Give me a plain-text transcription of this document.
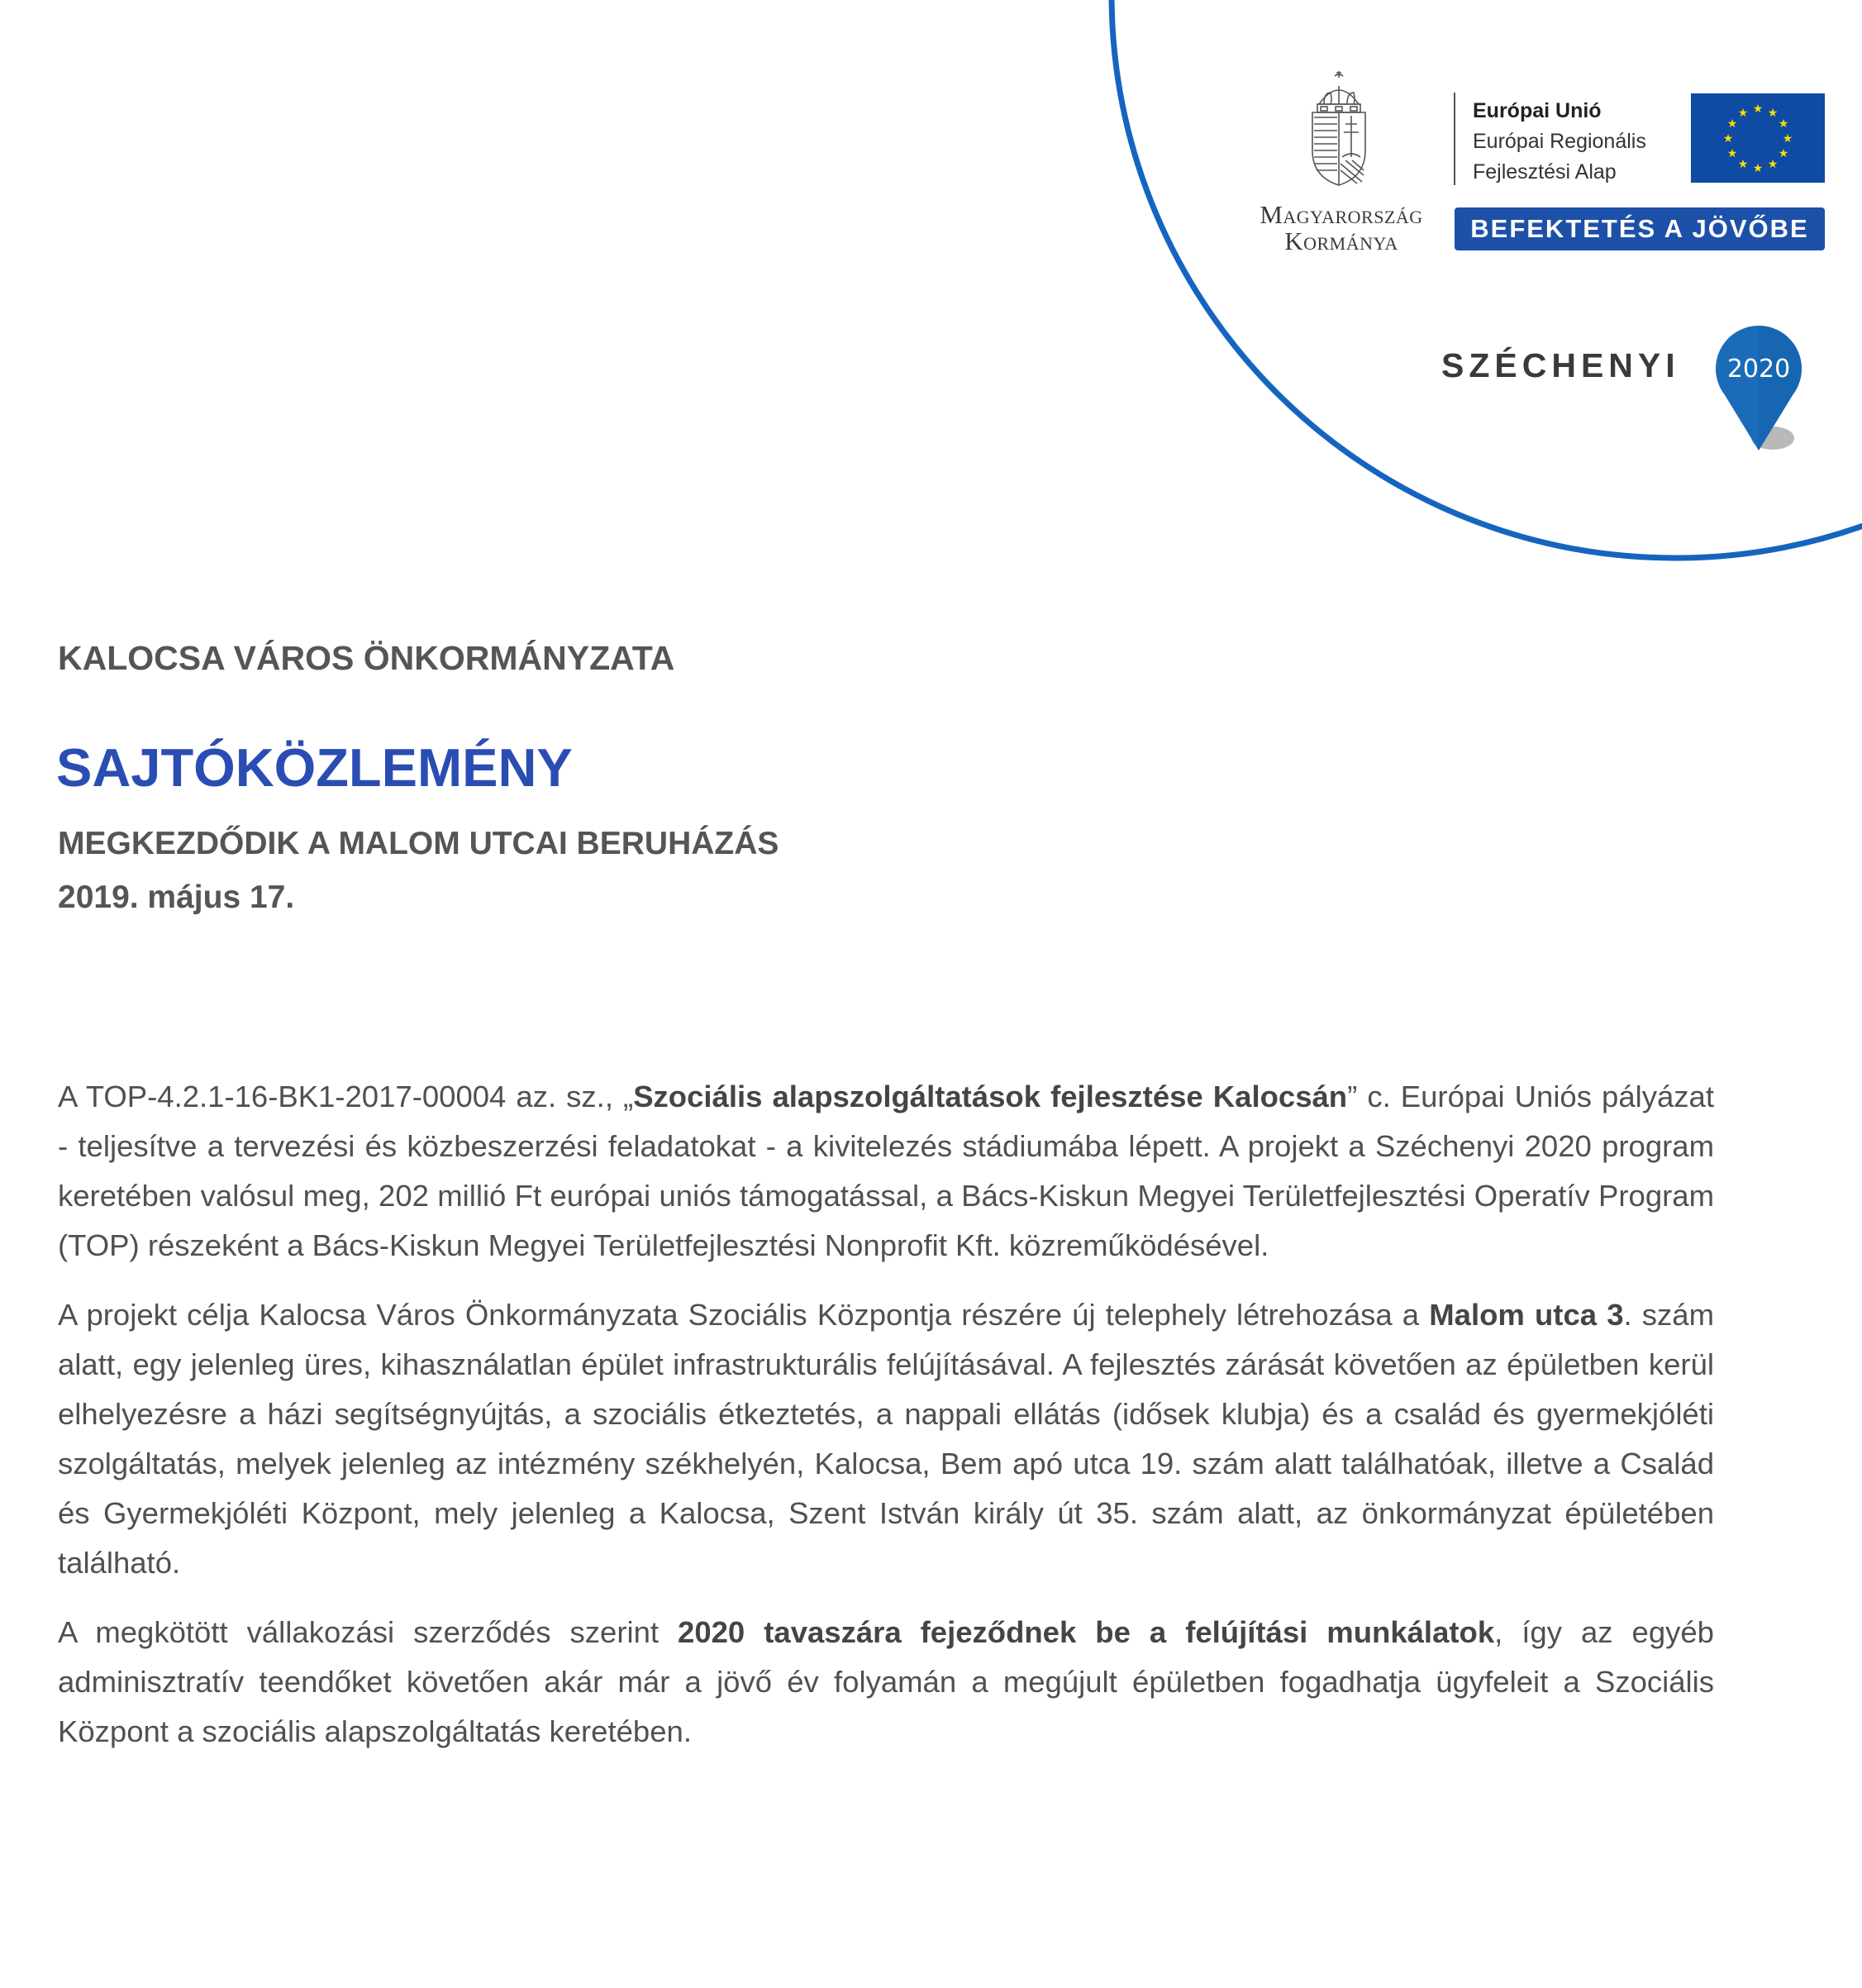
Magyarország
Kormánya
Európai Unió
Európai Regionális
Fejlesztési Alap
★ ★
★
★
★
★
★
★
★
★
★
★
BEFEKTETÉS A JÖVŐBE
SZÉCHENYI 2020
KALOCSA VÁROS ÖNKORMÁNYZATA
SAJTÓKÖZLEMÉNY
MEGKEZDŐDIK A MALOM UTCAI BERUHÁZÁS
2019. május 17.

A TOP-4.2.1-16-BK1-2017-00004 az. sz., „Szociális alapszolgáltatások fejlesztése Kalocsán” c. Európai Uniós pályázat - teljesítve a tervezési és közbeszerzési feladatokat - a kivitelezés stádiumába lépett. A projekt a Széchenyi 2020 program keretében valósul meg, 202 millió Ft európai uniós támogatással, a Bács-Kiskun Megyei Területfejlesztési Operatív Program (TOP) részeként a Bács-Kiskun Megyei Területfejlesztési Nonprofit Kft. közreműködésével.

A projekt célja Kalocsa Város Önkormányzata Szociális Központja részére új telephely létrehozása a Malom utca 3. szám alatt, egy jelenleg üres, kihasználatlan épület infrastrukturális felújításával. A fejlesztés zárását követően az épületben kerül elhelyezésre a házi segítségnyújtás, a szociális étkeztetés, a nappali ellátás (idősek klubja) és a család és gyermekjóléti szolgáltatás, melyek jelenleg az intézmény székhelyén, Kalocsa, Bem apó utca 19. szám alatt találhatóak, illetve a Család és Gyermekjóléti Központ, mely jelenleg a Kalocsa, Szent István király út 35. szám alatt, az önkormányzat épületében található.

A megkötött vállakozási szerződés szerint 2020 tavaszára fejeződnek be a felújítási munkálatok, így az egyéb adminisztratív teendőket követően akár már a jövő év folyamán a megújult épületben fogadhatja ügyfeleit a Szociális Központ a szociális alapszolgáltatás keretében.
